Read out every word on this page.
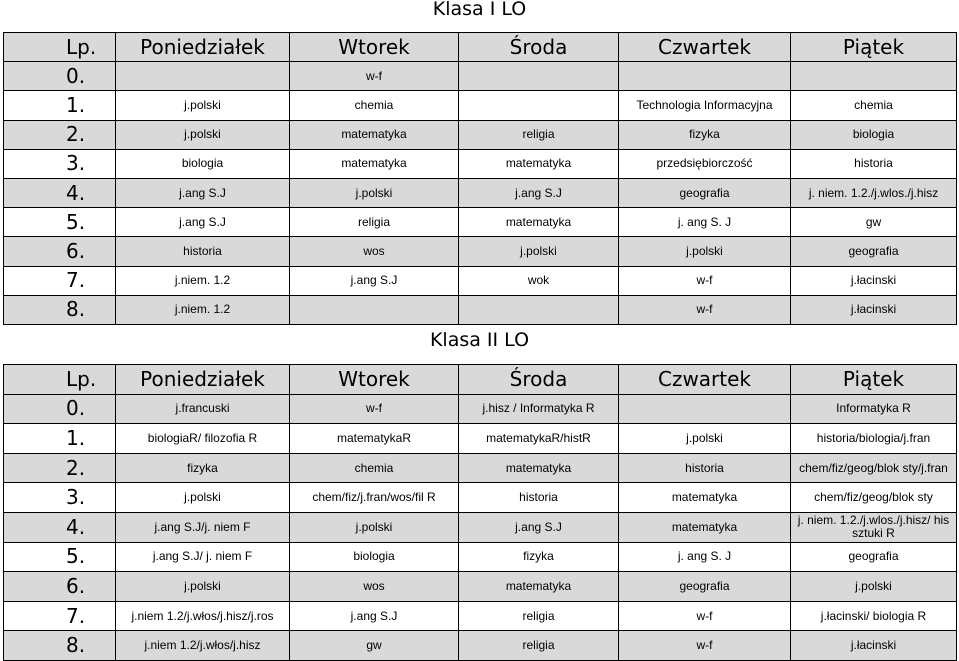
Klasa I LO
Lp.	Poniedziałek	Wtorek	Środa	Czwartek	Piątek
0.		w-f			
1.	j.polski	chemia		Technologia Informacyjna	chemia
2.	j.polski	matematyka	religia	fizyka	biologia
3.	biologia	matematyka	matematyka	przedsiębiorczość	historia
4.	j.ang S.J	j.polski	j.ang S.J	geografia	j. niem. 1.2./j.wlos./j.hisz
5.	j.ang S.J	religia	matematyka	j. ang S. J	gw
6.	historia	wos	j.polski	j.polski	geografia
7.	j.niem. 1.2	j.ang S.J	wok	w-f	j.łacinski
8.	j.niem. 1.2			w-f	j.łacinski
Klasa II LO
Lp.	Poniedziałek	Wtorek	Środa	Czwartek	Piątek
0.	j.francuski	w-f	j.hisz / Informatyka R		Informatyka R
1.	biologiaR/ filozofia R	matematykaR	matematykaR/histR	j.polski	historia/biologia/j.fran
2.	fizyka	chemia	matematyka	historia	chem/fiz/geog/blok sty/j.fran
3.	j.polski	chem/fiz/j.fran/wos/fil R	historia	matematyka	chem/fiz/geog/blok sty
4.	j.ang S.J/j. niem F	j.polski	j.ang S.J	matematyka	j. niem. 1.2./j.wlos./j.hisz/ his sztuki R
5.	j.ang S.J/ j. niem F	biologia	fizyka	j. ang S. J	geografia
6.	j.polski	wos	matematyka	geografia	j.polski
7.	j.niem 1.2/j.włos/j.hisz/j.ros	j.ang S.J	religia	w-f	j.łacinski/ biologia R
8.	j.niem 1.2/j.włos/j.hisz	gw	religia	w-f	j.łacinski
